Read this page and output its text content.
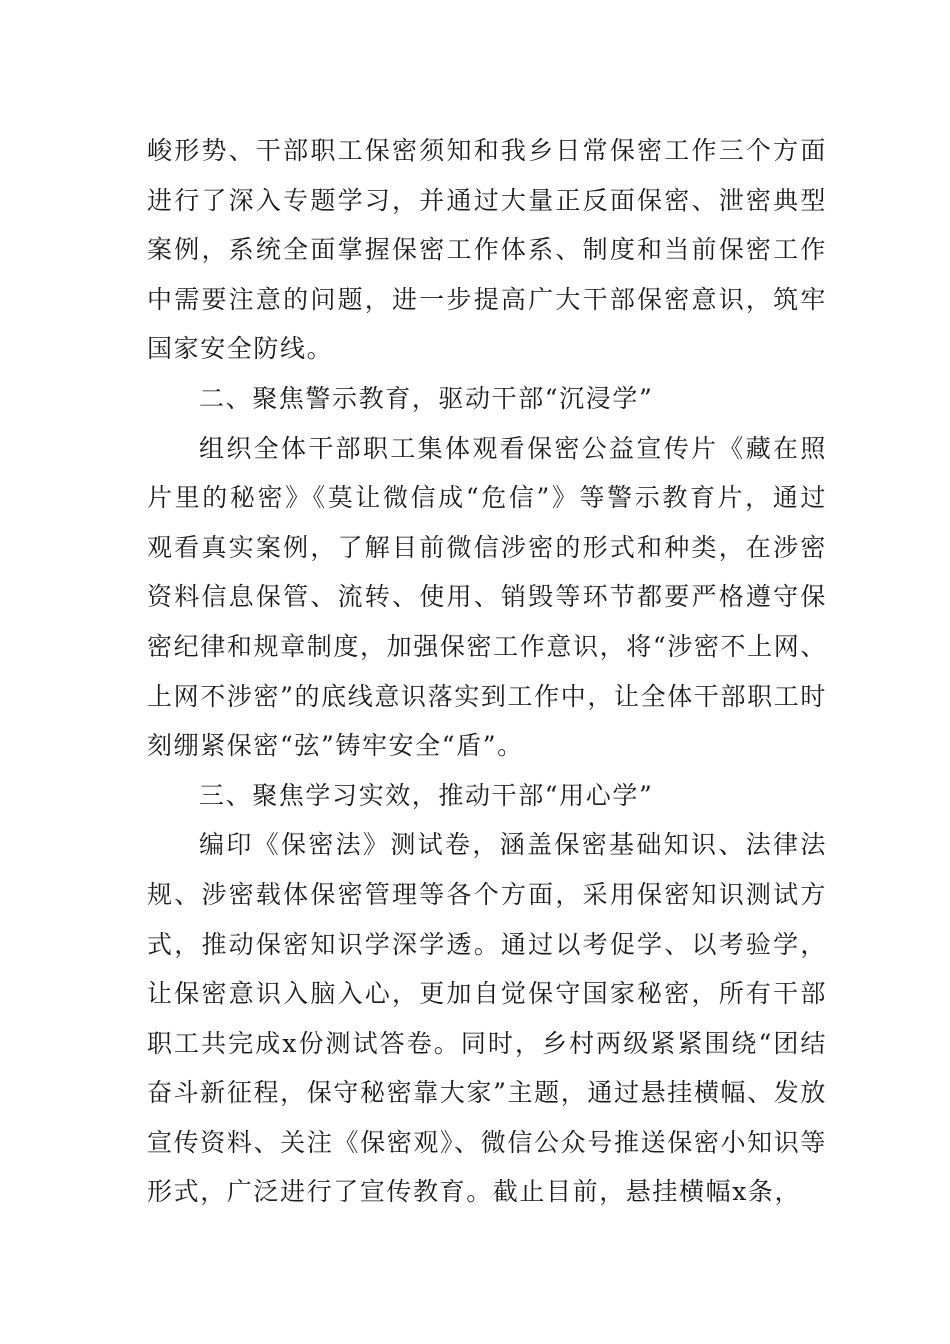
峻形势、干部职工保密须知和我乡日常保密工作三个方面进行了深入专题学习，并通过大量正反面保密、泄密典型案例，系统全面掌握保密工作体系、制度和当前保密工作中需要注意的问题，进一步提高广大干部保密意识，筑牢国家安全防线。

二、聚焦警示教育，驱动干部“沉浸学”

组织全体干部职工集体观看保密公益宣传片《藏在照片里的秘密》《莫让微信成“危信”》等警示教育片，通过观看真实案例，了解目前微信涉密的形式和种类，在涉密资料信息保管、流转、使用、销毁等环节都要严格遵守保密纪律和规章制度，加强保密工作意识，将“涉密不上网、上网不涉密”的底线意识落实到工作中，让全体干部职工时刻绷紧保密“弦”铸牢安全“盾”。

三、聚焦学习实效，推动干部“用心学”

编印《保密法》测试卷，涵盖保密基础知识、法律法规、涉密载体保密管理等各个方面，采用保密知识测试方式，推动保密知识学深学透。通过以考促学、以考验学，让保密意识入脑入心，更加自觉保守国家秘密，所有干部职工共完成x份测试答卷。同时，乡村两级紧紧围绕“团结奋斗新征程，保守秘密靠大家”主题，通过悬挂横幅、发放宣传资料、关注《保密观》、微信公众号推送保密小知识等形式，广泛进行了宣传教育。截止目前，悬挂横幅x条，
